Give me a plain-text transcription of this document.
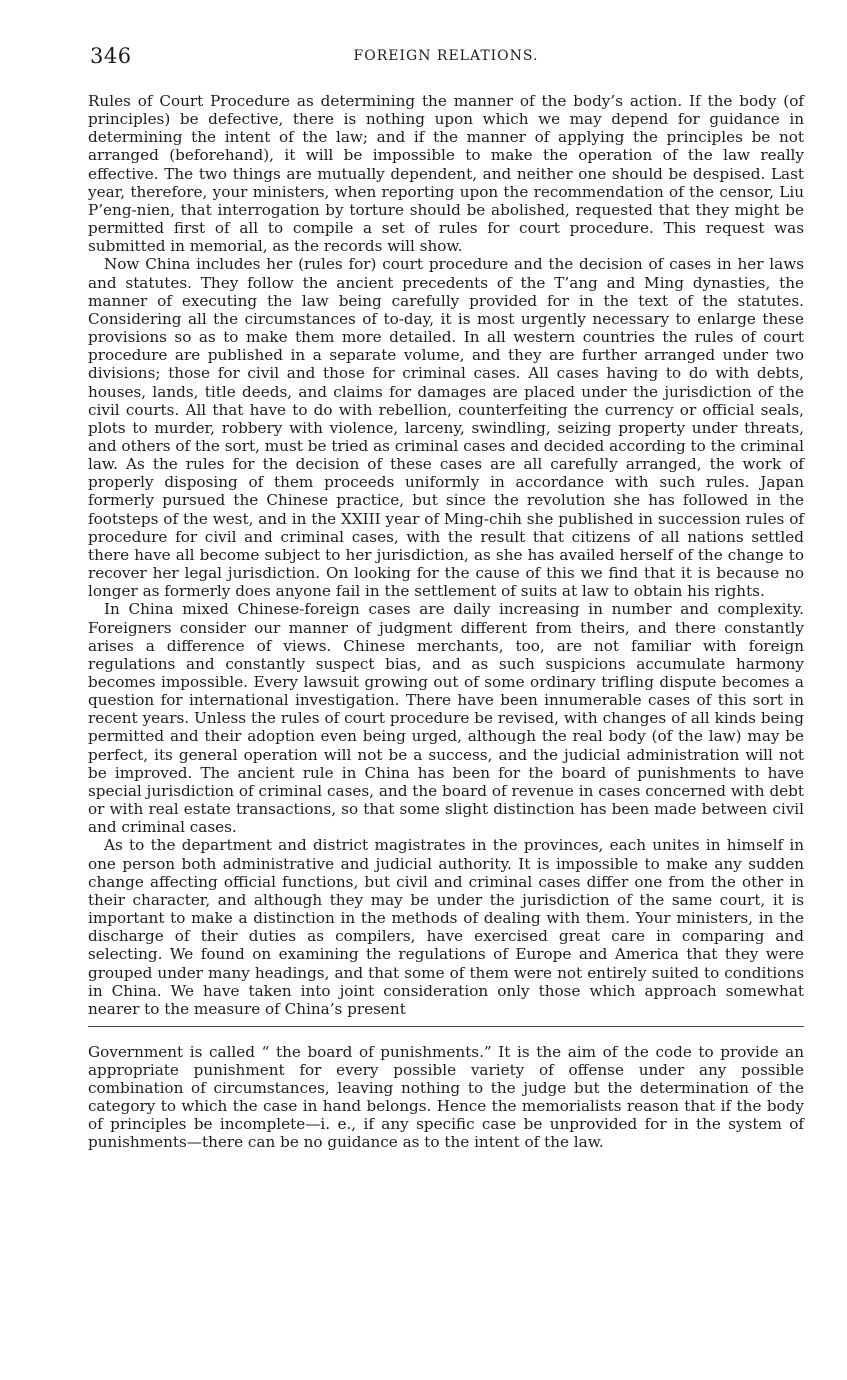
346	FOREIGN RELATIONS.

Rules of Court Procedure as determining the manner of the body’s action. If the body (of principles) be defective, there is nothing upon which we may depend for guidance in determining the intent of the law; and if the manner of applying the principles be not arranged (beforehand), it will be impossible to make the operation of the law really effective. The two things are mutually dependent, and neither one should be despised. Last year, therefore, your ministers, when reporting upon the recommendation of the censor, Liu P’eng-nien, that interrogation by torture should be abolished, requested that they might be permitted first of all to compile a set of rules for court procedure. This request was submitted in memorial, as the records will show.

Now China includes her (rules for) court procedure and the decision of cases in her laws and statutes. They follow the ancient precedents of the T’ang and Ming dynasties, the manner of executing the law being carefully provided for in the text of the statutes. Considering all the circumstances of to-day, it is most urgently necessary to enlarge these provisions so as to make them more detailed. In all western countries the rules of court procedure are published in a separate volume, and they are further arranged under two divisions; those for civil and those for criminal cases. All cases having to do with debts, houses, lands, title deeds, and claims for damages are placed under the jurisdiction of the civil courts. All that have to do with rebellion, counterfeiting the currency or official seals, plots to murder, robbery with violence, larceny, swindling, seizing property under threats, and others of the sort, must be tried as criminal cases and decided according to the criminal law. As the rules for the decision of these cases are all carefully arranged, the work of properly disposing of them proceeds uniformly in accordance with such rules. Japan formerly pursued the Chinese practice, but since the revolution she has followed in the footsteps of the west, and in the XXIII year of Ming-chih she published in succession rules of procedure for civil and criminal cases, with the result that citizens of all nations settled there have all become subject to her jurisdiction, as she has availed herself of the change to recover her legal jurisdiction. On looking for the cause of this we find that it is because no longer as formerly does anyone fail in the settlement of suits at law to obtain his rights.

In China mixed Chinese-foreign cases are daily increasing in number and complexity. Foreigners consider our manner of judgment different from theirs, and there constantly arises a difference of views. Chinese merchants, too, are not familiar with foreign regulations and constantly suspect bias, and as such suspicions accumulate harmony becomes impossible. Every lawsuit growing out of some ordinary trifling dispute becomes a question for international investigation. There have been innumerable cases of this sort in recent years. Unless the rules of court procedure be revised, with changes of all kinds being permitted and their adoption even being urged, although the real body (of the law) may be perfect, its general operation will not be a success, and the judicial administration will not be improved. The ancient rule in China has been for the board of punishments to have special jurisdiction of criminal cases, and the board of revenue in cases concerned with debt or with real estate transactions, so that some slight distinction has been made between civil and criminal cases.

As to the department and district magistrates in the provinces, each unites in himself in one person both administrative and judicial authority. It is impossible to make any sudden change affecting official functions, but civil and criminal cases differ one from the other in their character, and although they may be under the jurisdiction of the same court, it is important to make a distinction in the methods of dealing with them. Your ministers, in the discharge of their duties as compilers, have exercised great care in comparing and selecting. We found on examining the regulations of Europe and America that they were grouped under many headings, and that some of them were not entirely suited to conditions in China. We have taken into joint consideration only those which approach somewhat nearer to the measure of China’s present

Government is called “ the board of punishments.” It is the aim of the code to provide an appropriate punishment for every possible variety of offense under any possible combination of circumstances, leaving nothing to the judge but the determination of the category to which the case in hand belongs. Hence the memorialists reason that if the body of principles be incomplete—i. e., if any specific case be unprovided for in the system of punishments—there can be no guidance as to the intent of the law.
